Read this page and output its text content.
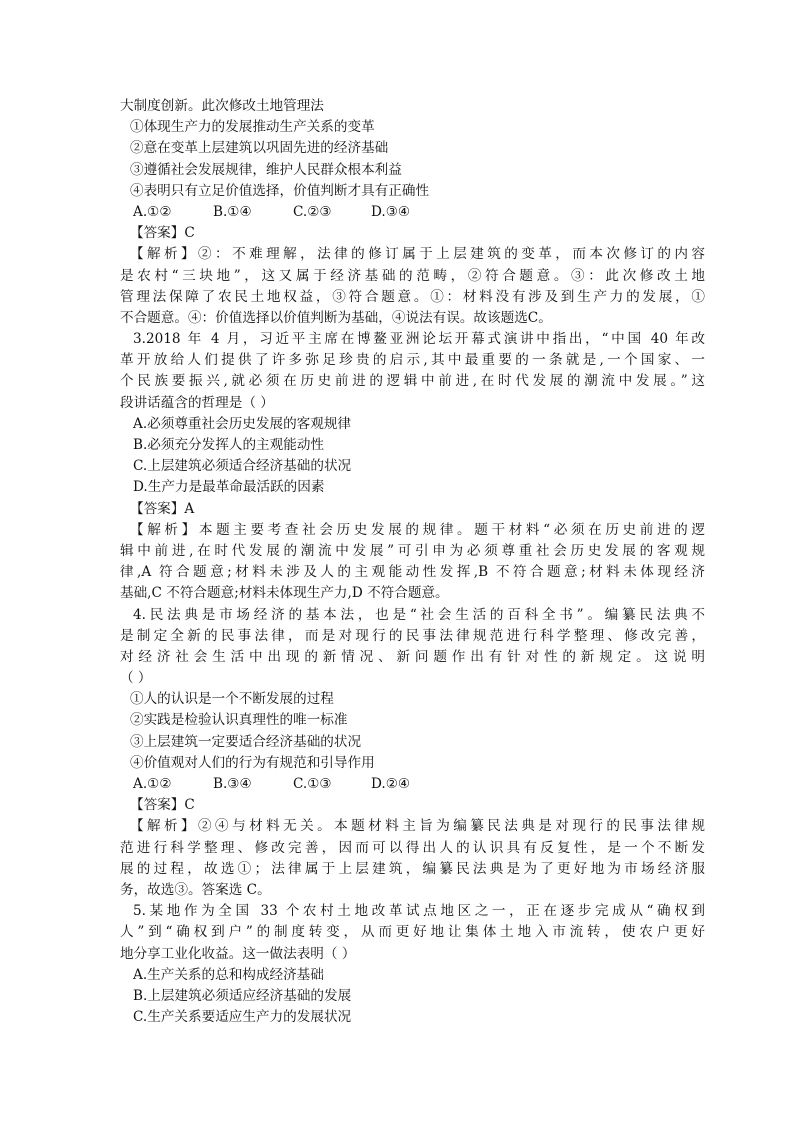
大制度创新。此次修改土地管理法
①体现生产力的发展推动生产关系的变革
②意在变革上层建筑以巩固先进的经济基础
③遵循社会发展规律，维护人民群众根本利益
④表明只有立足价值选择，价值判断才具有正确性
A.①②	B.①④	C.②③	D.③④
【答案】C
【解析】②：不难理解，法律的修订属于上层建筑的变革，而本次修订的内容
是农村“三块地”，这又属于经济基础的范畴，②符合题意。③：此次修改土地
管理法保障了农民土地权益，③符合题意。①：材料没有涉及到生产力的发展，①
不合题意。④：价值选择以价值判断为基础，④说法有误。故该题选C。
3.2018 年 4 月，习近平主席在博鳌亚洲论坛开幕式演讲中指出，“中国 40 年改
革开放给人们提供了许多弥足珍贵的启示,其中最重要的一条就是,一个国家、一
个民族要振兴,就必须在历史前进的逻辑中前进,在时代发展的潮流中发展。”这
段讲话蕴含的哲理是（ ）
A.必须尊重社会历史发展的客观规律
B.必须充分发挥人的主观能动性
C.上层建筑必须适合经济基础的状况
D.生产力是最革命最活跃的因素
【答案】A
【解析】本题主要考查社会历史发展的规律。题干材料“必须在历史前进的逻
辑中前进,在时代发展的潮流中发展”可引申为必须尊重社会历史发展的客观规
律,A 符合题意;材料未涉及人的主观能动性发挥,B 不符合题意;材料未体现经济
基础,C 不符合题意;材料未体现生产力,D 不符合题意。
4.民法典是市场经济的基本法，也是“社会生活的百科全书”。编纂民法典不
是制定全新的民事法律，而是对现行的民事法律规范进行科学整理、修改完善，
对经济社会生活中出现的新情况、新问题作出有针对性的新规定。这说明
（ ）
①人的认识是一个不断发展的过程
②实践是检验认识真理性的唯一标准
③上层建筑一定要适合经济基础的状况
④价值观对人们的行为有规范和引导作用
A.①②	B.③④	C.①③	D.②④
【答案】C
【解析】②④与材料无关。本题材料主旨为编纂民法典是对现行的民事法律规
范进行科学整理、修改完善，因而可以得出人的认识具有反复性，是一个不断发
展的过程，故选①；法律属于上层建筑，编纂民法典是为了更好地为市场经济服
务，故选③。答案选 C。
5.某地作为全国 33 个农村土地改革试点地区之一，正在逐步完成从“确权到
人”到“确权到户”的制度转变，从而更好地让集体土地入市流转，使农户更好
地分享工业化收益。这一做法表明（ ）
A.生产关系的总和构成经济基础
B.上层建筑必须适应经济基础的发展
C.生产关系要适应生产力的发展状况
